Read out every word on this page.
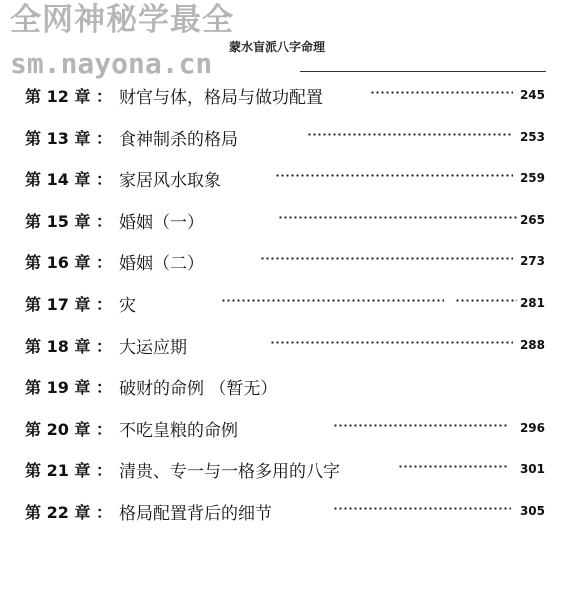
全网神秘学最全
sm.nayona.cn	蒙水盲派八字命理
第 12 章 ： 财官与体，格局与做功配置	245
第 13 章 ： 食神制杀的格局	253
第 14 章 ： 家居风水取象	259
第 15 章 ： 婚姻（一）	265
第 16 章 ： 婚姻（二）	273
第 17 章 ： 灾	281
第 18 章 ： 大运应期	288
第 19 章 ： 破财的命例 （暂无）
第 20 章 ： 不吃皇粮的命例	296
第 21 章 ： 清贵、专一与一格多用的八字	301
第 22 章 ： 格局配置背后的细节	305
